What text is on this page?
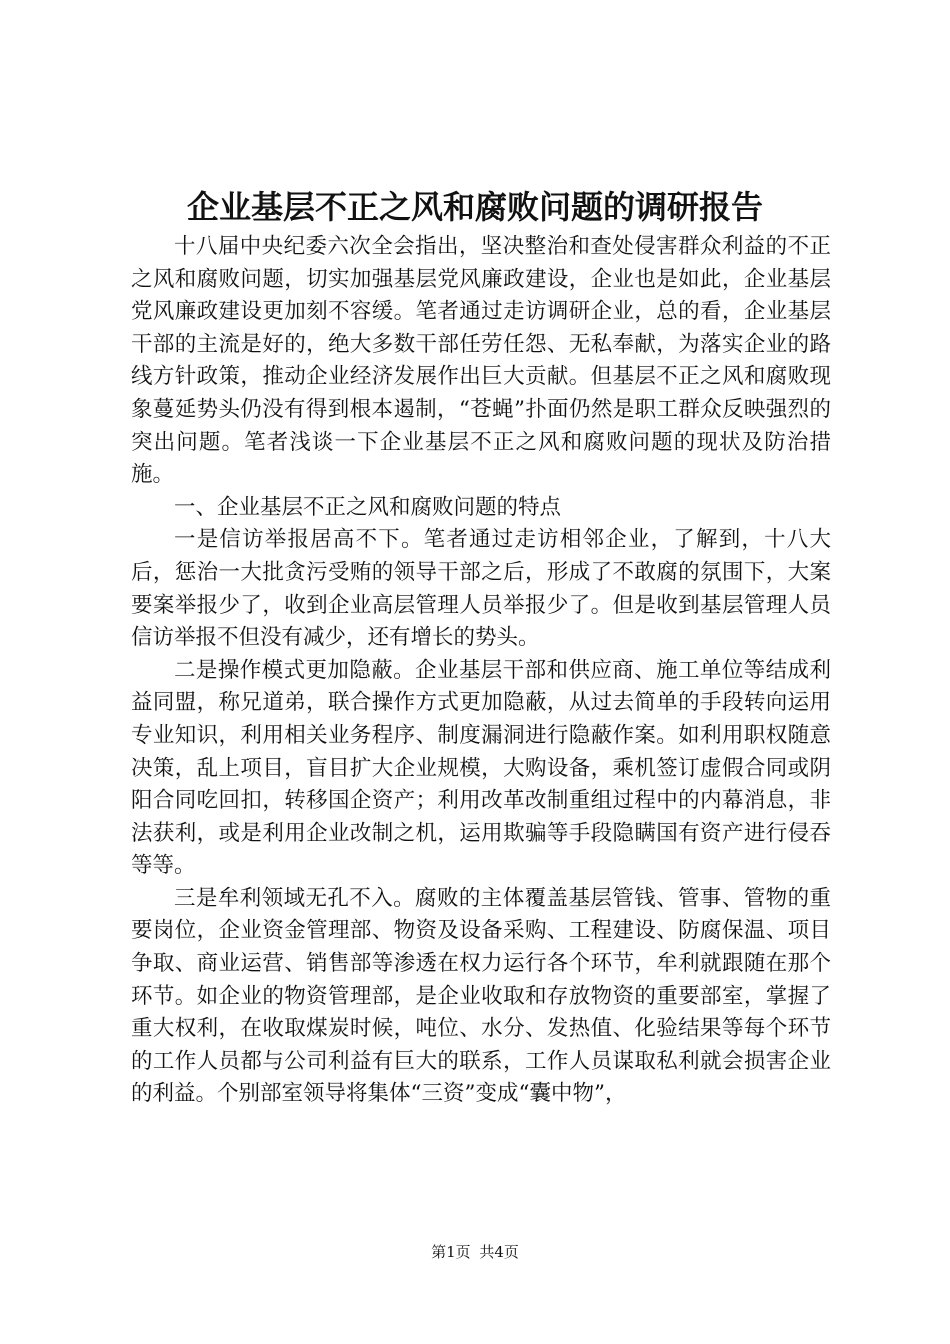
企业基层不正之风和腐败问题的调研报告

十八届中央纪委六次全会指出，坚决整治和查处侵害群众利益的不正之风和腐败问题，切实加强基层党风廉政建设，企业也是如此，企业基层党风廉政建设更加刻不容缓。笔者通过走访调研企业，总的看，企业基层干部的主流是好的，绝大多数干部任劳任怨、无私奉献，为落实企业的路线方针政策，推动企业经济发展作出巨大贡献。但基层不正之风和腐败现象蔓延势头仍没有得到根本遏制，“苍蝇”扑面仍然是职工群众反映强烈的突出问题。笔者浅谈一下企业基层不正之风和腐败问题的现状及防治措施。

一、企业基层不正之风和腐败问题的特点

一是信访举报居高不下。笔者通过走访相邻企业，了解到，十八大后，惩治一大批贪污受贿的领导干部之后，形成了不敢腐的氛围下，大案要案举报少了，收到企业高层管理人员举报少了。但是收到基层管理人员信访举报不但没有减少，还有增长的势头。

二是操作模式更加隐蔽。企业基层干部和供应商、施工单位等结成利益同盟，称兄道弟，联合操作方式更加隐蔽，从过去简单的手段转向运用专业知识，利用相关业务程序、制度漏洞进行隐蔽作案。如利用职权随意决策，乱上项目，盲目扩大企业规模，大购设备，乘机签订虚假合同或阴阳合同吃回扣，转移国企资产；利用改革改制重组过程中的内幕消息，非法获利，或是利用企业改制之机，运用欺骗等手段隐瞒国有资产进行侵吞等等。

三是牟利领域无孔不入。腐败的主体覆盖基层管钱、管事、管物的重要岗位，企业资金管理部、物资及设备采购、工程建设、防腐保温、项目争取、商业运营、销售部等渗透在权力运行各个环节，牟利就跟随在那个环节。如企业的物资管理部，是企业收取和存放物资的重要部室，掌握了重大权利，在收取煤炭时候，吨位、水分、发热值、化验结果等每个环节的工作人员都与公司利益有巨大的联系，工作人员谋取私利就会损害企业的利益。个别部室领导将集体“三资”变成“囊中物”，

第1页 共4页
